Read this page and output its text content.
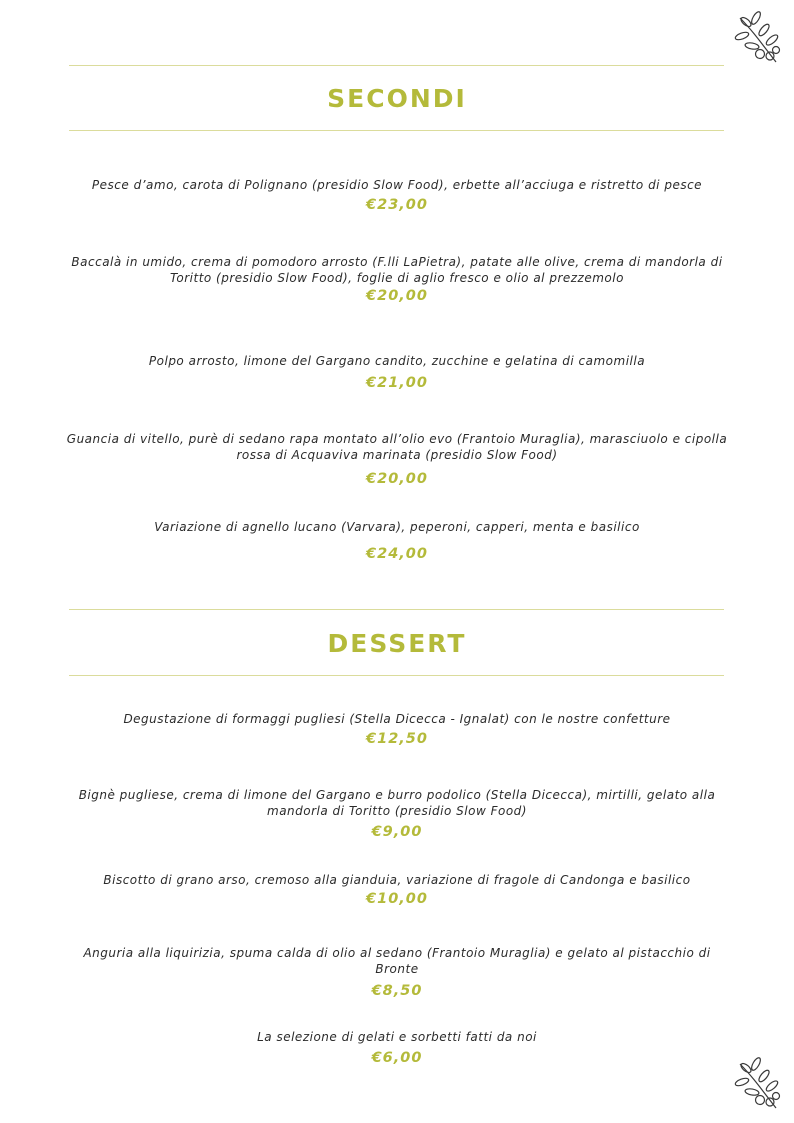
SECONDI
Pesce d’amo, carota di Polignano (presidio Slow Food), erbette all’acciuga e ristretto di pesce
€23,00
Baccalà in umido, crema di pomodoro arrosto (F.lli LaPietra), patate alle olive, crema di mandorla di Toritto (presidio Slow Food), foglie di aglio fresco e olio al prezzemolo
€20,00
Polpo arrosto, limone del Gargano candito, zucchine e gelatina di camomilla
€21,00
Guancia di vitello, purè di sedano rapa montato all’olio evo (Frantoio Muraglia), marasciuolo e cipolla rossa di Acquaviva marinata (presidio Slow Food)
€20,00
Variazione di agnello lucano (Varvara), peperoni, capperi, menta e basilico
€24,00
DESSERT
Degustazione di formaggi pugliesi (Stella Dicecca - Ignalat) con le nostre confetture
€12,50
Bignè pugliese, crema di limone del Gargano e burro podolico (Stella Dicecca), mirtilli, gelato alla mandorla di Toritto (presidio Slow Food)
€9,00
Biscotto di grano arso, cremoso alla gianduia, variazione di fragole di Candonga e basilico
€10,00
Anguria alla liquirizia, spuma calda di olio al sedano (Frantoio Muraglia) e gelato al pistacchio di Bronte
€8,50
La selezione di gelati e sorbetti fatti da noi
€6,00
